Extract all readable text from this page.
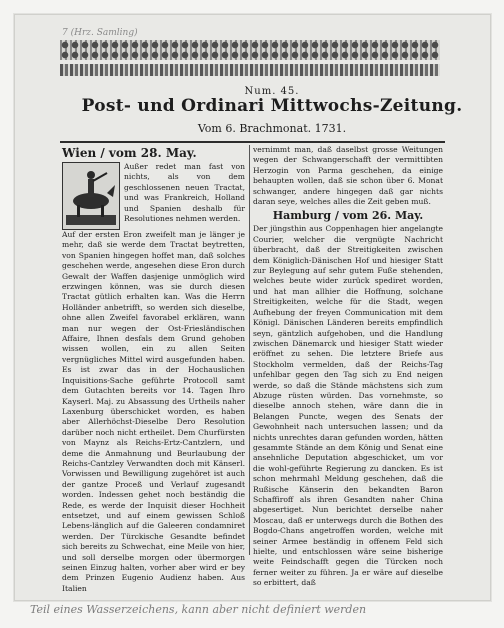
7 (Hrz. Samling)
Num. 45.
Post- und Ordinari Mittwochs-Zeitung.
Vom 6. Brachmonat. 1731.
Wien / vom 28. May.
Außer redet man fast von nichts, als von dem geschlossenen neuen Tractat, und was Frankreich, Holland und Spanien deshalb für Resolutiones nehmen werden.

Auf der ersten Eron zweifelt man je länger je mehr, daß sie werde dem Tractat beytretten, von Spanien hingegen hoffet man, daß solches geschehen werde, angesehen diese Eron durch Gewalt der Waffen dasjenige unmöglich wird erzwingen können, was sie durch diesen Tractat gütlich erhalten kan. Was die Herrn Holländer anbetrifft, so werden sich dieselbe, ohne allen Zweifel favorabel erklären, wann man nur wegen der Ost-Friesländischen Affaire, Ihnen desfals dem Grund gehoben wissen wollen, ein zu allen Seiten vergnügliches Mittel wird ausgefunden haben. Es ist zwar das in der Hochauslichen Inquisitions-Sache geführte Protocoll samt dem Gutachten bereits vor 14. Tagen Ihro Kayserl. Maj. zu Absassung des Urtheils naher Laxenburg überschicket worden, es haben aber Allerhöchst-Dieselbe Dero Resolution darüber noch nicht ertheilet. Dem Churfürsten von Maynz als Reichs-Ertz-Cantzlern, und deme die Anmahnung und Beurlaubung der Reichs-Cantzley Verwandten doch mit Känserl. Vorwissen und Bewilligung zugehöret ist auch der gantze Proceß und Verlauf zugesandt worden. Indessen gehet noch beständig die Rede, es werde der Inquisit dieser Hochheit entsetzet, und auf einem gewissen Schloß Lebens-länglich auf die Galeeren condamniret werden. Der Türckische Gesandte befindet sich bereits zu Schwechat, eine Meile von hier, und soll derselbe morgen oder übermorgen seinen Einzug halten, vorher aber wird er bey dem Prinzen Eugenio Audienz haben. Aus Italien

vernimmt man, daß daselbst grosse Weitungen wegen der Schwangerschafft der vermittibten Herzogin von Parma geschehen, da einige behaupten wollen, daß sie schon über 6. Monat schwanger, andere hingegen daß gar nichts daran seye, welches alles die Zeit geben muß.

Hamburg / vom 26. May.

Der jüngsthin aus Coppenhagen hier angelangte Courier, welcher die vergnügte Nachricht überbracht, daß der Streitigkeiten zwischen dem Königlich-Dänischen Hof und hiesiger Statt zur Beylegung auf sehr gutem Fuße stehenden, welches beute wider zurück spediret worden, und hat man allhier die Hoffnung, solchane Streitigkeiten, welche für die Stadt, wegen Aufhebung der freyen Communication mit dem Königl. Dänischen Länderen bereits empfindlich seyn, gäntzlich aufgehoben, und die Handlung zwischen Dänemarck und hiesiger Statt wieder eröffnet zu sehen. Die letztere Briefe aus Stockholm vermelden, daß der Reichs-Tag unfehlbar gegen den Tag sich zu End neigen werde, so daß die Stände mächstens sich zum Abzuge rüsten würden. Das vornehmste, so dieselbe annoch stehen, wäre dann die in Belangen Puncte, wegen des Senats der Gewohnheit nach untersuchen lassen; und da nichts unrechtes daran gefunden worden, hätten gesammte Stände an dem König und Senat eine ansehnliche Deputation abgeschicket, um vor die wohl-geführte Regierung zu dancken. Es ist schon mehrmahl Meldung geschehen, daß die Rußische Känserin den bekandten Baron Schaffiroff als ihren Gesandten naher China abgesertiget. Nun berichtet derselbe naher Moscau, daß er unterwegs durch die Bothen des Bogdo-Chans angetroffen worden, welche mit seiner Armee beständig in offenem Feld sich hielte, und entschlossen wäre seine bisherige weite Feindschafft gegen die Türcken noch ferner weiter zu führen. Ja er wäre auf dieselbe so erbittert, daß

Teil eines Wasserzeichens, kann aber nicht definiert werden
